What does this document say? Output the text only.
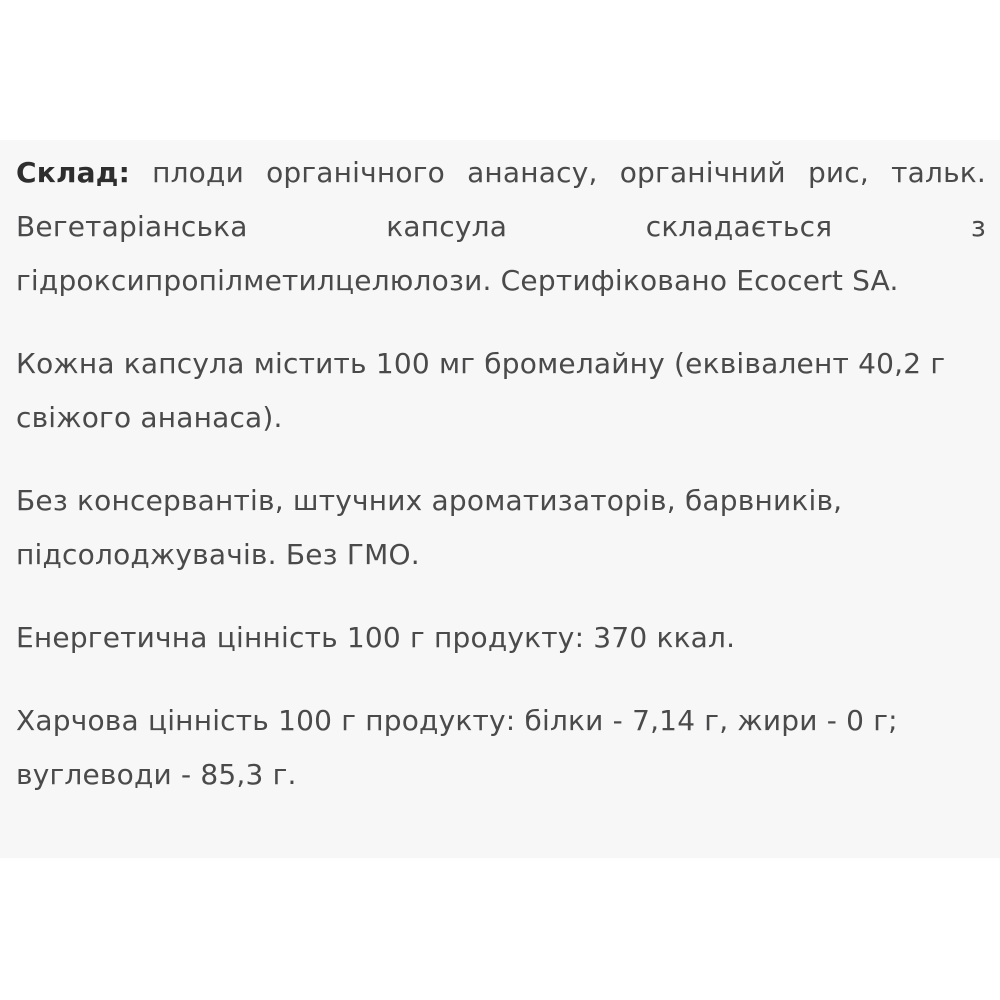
Склад: плоди органічного ананасу, органічний рис, тальк. Вегетаріанська капсула складається з гідроксипропілметилцелюлози. Сертифіковано Ecocert SA.

Кожна капсула містить 100 мг бромелайну (еквівалент 40,2 г свіжого ананаса).

Без консервантів, штучних ароматизаторів, барвників, підсолоджувачів. Без ГМО.

Енергетична цінність 100 г продукту: 370 ккал.

Харчова цінність 100 г продукту: білки - 7,14 г, жири - 0 г; вуглеводи - 85,3 г.
